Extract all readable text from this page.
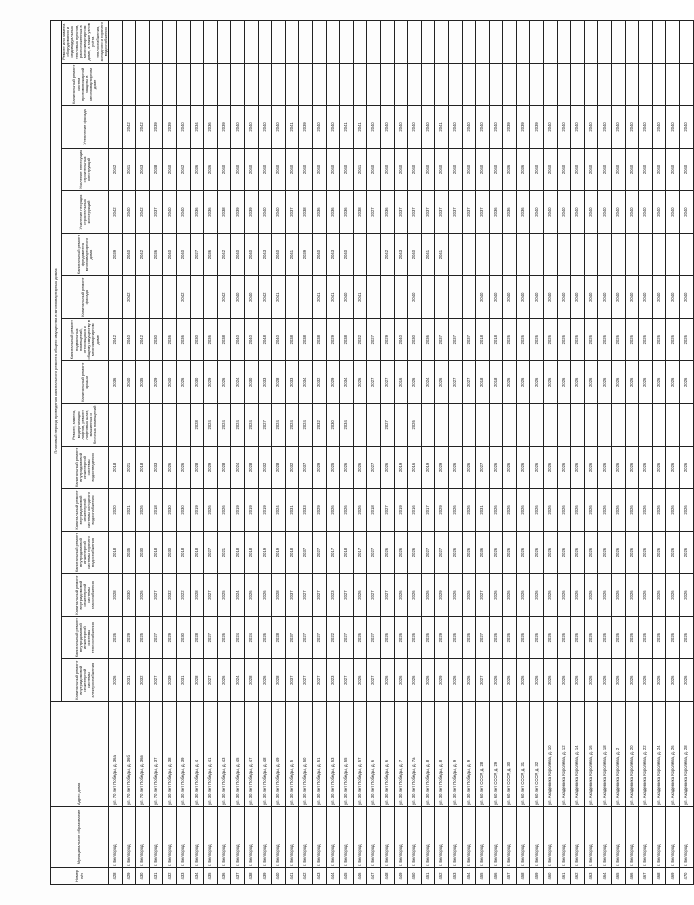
Номер п/п	Муниципальное образование	Адрес дома	Плановый период проведения капитального ремонта общего имущества в многоквартирных домах															
			Капитальный ремонт внутридомовой инженерной системы электроснабжения	Капитальный ремонт внутридомовой инженерной системы теплоснабжения	Капитальный ремонт внутридомовой инженерной системы газоснабжения	Капитальный ремонт внутридомовой инженерной системы горячего водоснабжения	Капитальный ремонт внутридомовой инженерной системы холодного водоснабжения	Капитальный ремонт внутридомовой инженерной системы водоотведения	Ремонт, замена, модернизация лифтов, ремонт лифтовых шахт, машинных и блочных помещений	Капитальный ремонт крыши	Капитальный ремонт подвальных помещений, относящихся к общему имуществу в многоквартирном доме	Капитальный ремонт фасада	Капитальный ремонт фундамента многоквартирного дома	Усиление несущих строительных конструкций	Усиление ненесущих строительных конструкций	Утепление фасада	Капитальный ремонт систем противопожарной защиты в многоквартирном доме	Ремонт или замена оборудования и индивидуальных тепловых пунктов, расположенных в многоквартирном доме, а также узлов учёта теплоснабжения, холодного и горячего водоснабжения
428	г. Белгород	ул. 70 лет Победы, д. 36а	2026	2026	2028	2018	2020	2018		2036	2042		2039	2042	2042			
429	г. Белгород	ул. 70 лет Победы, д. 36б	2031	2029	2030	2035	2021	2021		2040	2040	2042	2040	2040	2041	2042		
430	г. Белгород	ул. 70 лет Победы, д. 36в	2032	2025	2026	2030	2026	2018		2035	2042		2042	2042	2043	2042		
431	г. Белгород	ул. 70 лет Победы, д. 37	2027	2027	2027	2018	2018	2033		2029	2030		2036	2037	2038	2039		
432	г. Белгород	ул. 30 лет Победы, д. 38	2039	2029	2032	2030	2030	2026		2040	2036		2040	2040	2040	2039		
433	г. Белгород	ул. 30 лет Победы, д. 39	2031	2030	2022	2018	2030	2026		2026	2036	2042	2040	2040	2042	2040		
434	г. Белгород	ул. 30 лет Победы, д. 4	2028	2028	2028	2018	2019	2028	2028	2030	2030		2027	2036	2036	2034		
435	г. Белгород	ул. 30 лет Победы, д. 41	2027	2027	2027	2027	2026	2029	2024	2029	2036		2036	2036	2036	2036		
436	г. Белгород	ул. 30 лет Победы, д. 43	2026	2026	2025	2021	2026	2028	2024	2026	2038	2042	2042	2038	2040	2039		
437	г. Белгород	ул. 30 лет Победы, д. 45	2024	2024	2024	2018	2019	2024	2024	2024	2040	2040	2040	2039	2040	2040		
438	г. Белгород	ул. 30 лет Победы, д. 47	2028	2024	2026	2018	2019	2028	2024	2030	2040	2040	2040	2039	2040	2040		
439	г. Белгород	ул. 30 лет Победы, д. 48	2026	2026	2026	2019	2019	2032	2027	2033	2048	2042	2043	2040	2040	2040		
440	г. Белгород	ул. 30 лет Победы, д. 49	2028	2028	2028	2019	2024	2028	2024	2028	2040	2041	2040	2040	2040	2040		
441	г. Белгород	ул. 30 лет Победы, д. 5	2037	2037	2037	2018	2031	2032	2024	2033	2038		2041	2037	2040	2041		
442	г. Белгород	ул. 30 лет Победы, д. 50	2027	2027	2027	2037	2033	2037	2024	2034	2038		2039	2038	2040	2039		
443	г. Белгород	ул. 30 лет Победы, д. 51	2027	2027	2027	2027	2029	2029	2032	2032	2038	2041	2040	2036	2040	2040		
444	г. Белгород	ул. 30 лет Победы, д. 53	2023	2022	2023	2017	2026	2025	2030	2029	2029	2041	2043	2036	2040	2040		
445	г. Белгород	ул. 30 лет Победы, д. 55	2027	2027	2027	2018	2026	2026	2034	2034	2038	2040	2040	2036	2040	2041		
446	г. Белгород	ул. 30 лет Победы, д. 57	2026	2026	2026	2017	2026	2026		2026	2032	2041		2038	2041	2041		
447	г. Белгород	ул. 30 лет Победы, д. 6	2027	2027	2027	2027	2018	2027		2027	2027			2027	2040	2040		
448	г. Белгород	ул. 30 лет Победы, д. 6	2026	2026	2027	2026	2027	2026	2027	2027	2029		2042	2036	2040	2040		
449	г. Белгород	ул. 30 лет Победы, д. 7	2026	2026	2026	2026	2019	2019		2016	2040		2043	2037	2040	2040		
450	г. Белгород	ул. 30 лет Победы, д. 7а	2026	2026	2026	2026	2016	2016	2026	2026	2030	2040	2040	2037	2040	2040		
451	г. Белгород	ул. 30 лет Победы, д. 8	2026	2026	2026	2027	2017	2019		2024	2036		2041	2037	2040	2040		
452	г. Белгород	ул. 30 лет Победы, д. 8	2029	2029	2029	2027	2029	2029		2026	2037		2041	2037	2040	2041		
453	г. Белгород	ул. 30 лет Победы, д. 9	2026	2026	2026	2026	2026	2026		2027	2037			2037	2040	2040		
454	г. Белгород	ул. 30 лет Победы, д. 9	2026	2026	2026	2026	2026	2026		2027	2037			2037	2040	2040		
455	г. Белгород	ул. 60 лет СССР, д. 28	2027	2027	2027	2036	2031	2027		2018	2018	2040		2037	2040	2040		
456	г. Белгород	ул. 60 лет СССР, д. 29	2026	2026	2026	2026	2026	2026		2018	2018	2040		2036	2040	2040		
457	г. Белгород	ул. 60 лет СССР, д. 30	2026	2026	2026	2026	2026	2026		2026	2026	2040		2036	2036	2039		
458	г. Белгород	ул. 60 лет СССР, д. 31	2026	2026	2026	2026	2026	2026		2026	2026	2040		2036	2036	2039		
459	г. Белгород	ул. 60 лет СССР, д. 32	2026	2026	2026	2026	2026	2026		2026	2026	2040		2040	2040	2039		
460	г. Белгород	ул. Академика Королёва, д. 10	2026	2026	2026	2026	2026	2026		2026	2026	2040		2040	2040	2040		
461	г. Белгород	ул. Академика Королёва, д. 12	2026	2026	2026	2026	2026	2026		2026	2026	2040		2040	2040	2040		
462	г. Белгород	ул. Академика Королёва, д. 14	2026	2026	2026	2026	2026	2026		2026	2026	2040		2040	2040	2040		
463	г. Белгород	ул. Академика Королёва, д. 16	2026	2026	2026	2026	2026	2026		2026	2026	2040		2040	2040	2040		
464	г. Белгород	ул. Академика Королёва, д. 18	2026	2026	2026	2026	2026	2026		2026	2026	2040		2040	2040	2040		
465	г. Белгород	ул. Академика Королёва, д. 2	2026	2026	2026	2026	2026	2026		2026	2026	2040		2040	2040	2040		
466	г. Белгород	ул. Академика Королёва, д. 20	2026	2026	2026	2026	2026	2026		2026	2026	2040		2040	2040	2040		
467	г. Белгород	ул. Академика Королёва, д. 22	2026	2026	2026	2026	2026	2026		2026	2026	2040		2040	2040	2040		
468	г. Белгород	ул. Академика Королёва, д. 24	2026	2026	2026	2026	2026	2026		2026	2026	2040		2040	2040	2040		
469	г. Белгород	ул. Академика Королёва, д. 26	2026	2026	2026	2026	2026	2026		2026	2026	2040		2040	2040	2040		
470	г. Белгород	ул. Академика Королёва, д. 28	2026	2026	2026	2026	2026	2026		2026	2026	2040		2040	2040	2040		
